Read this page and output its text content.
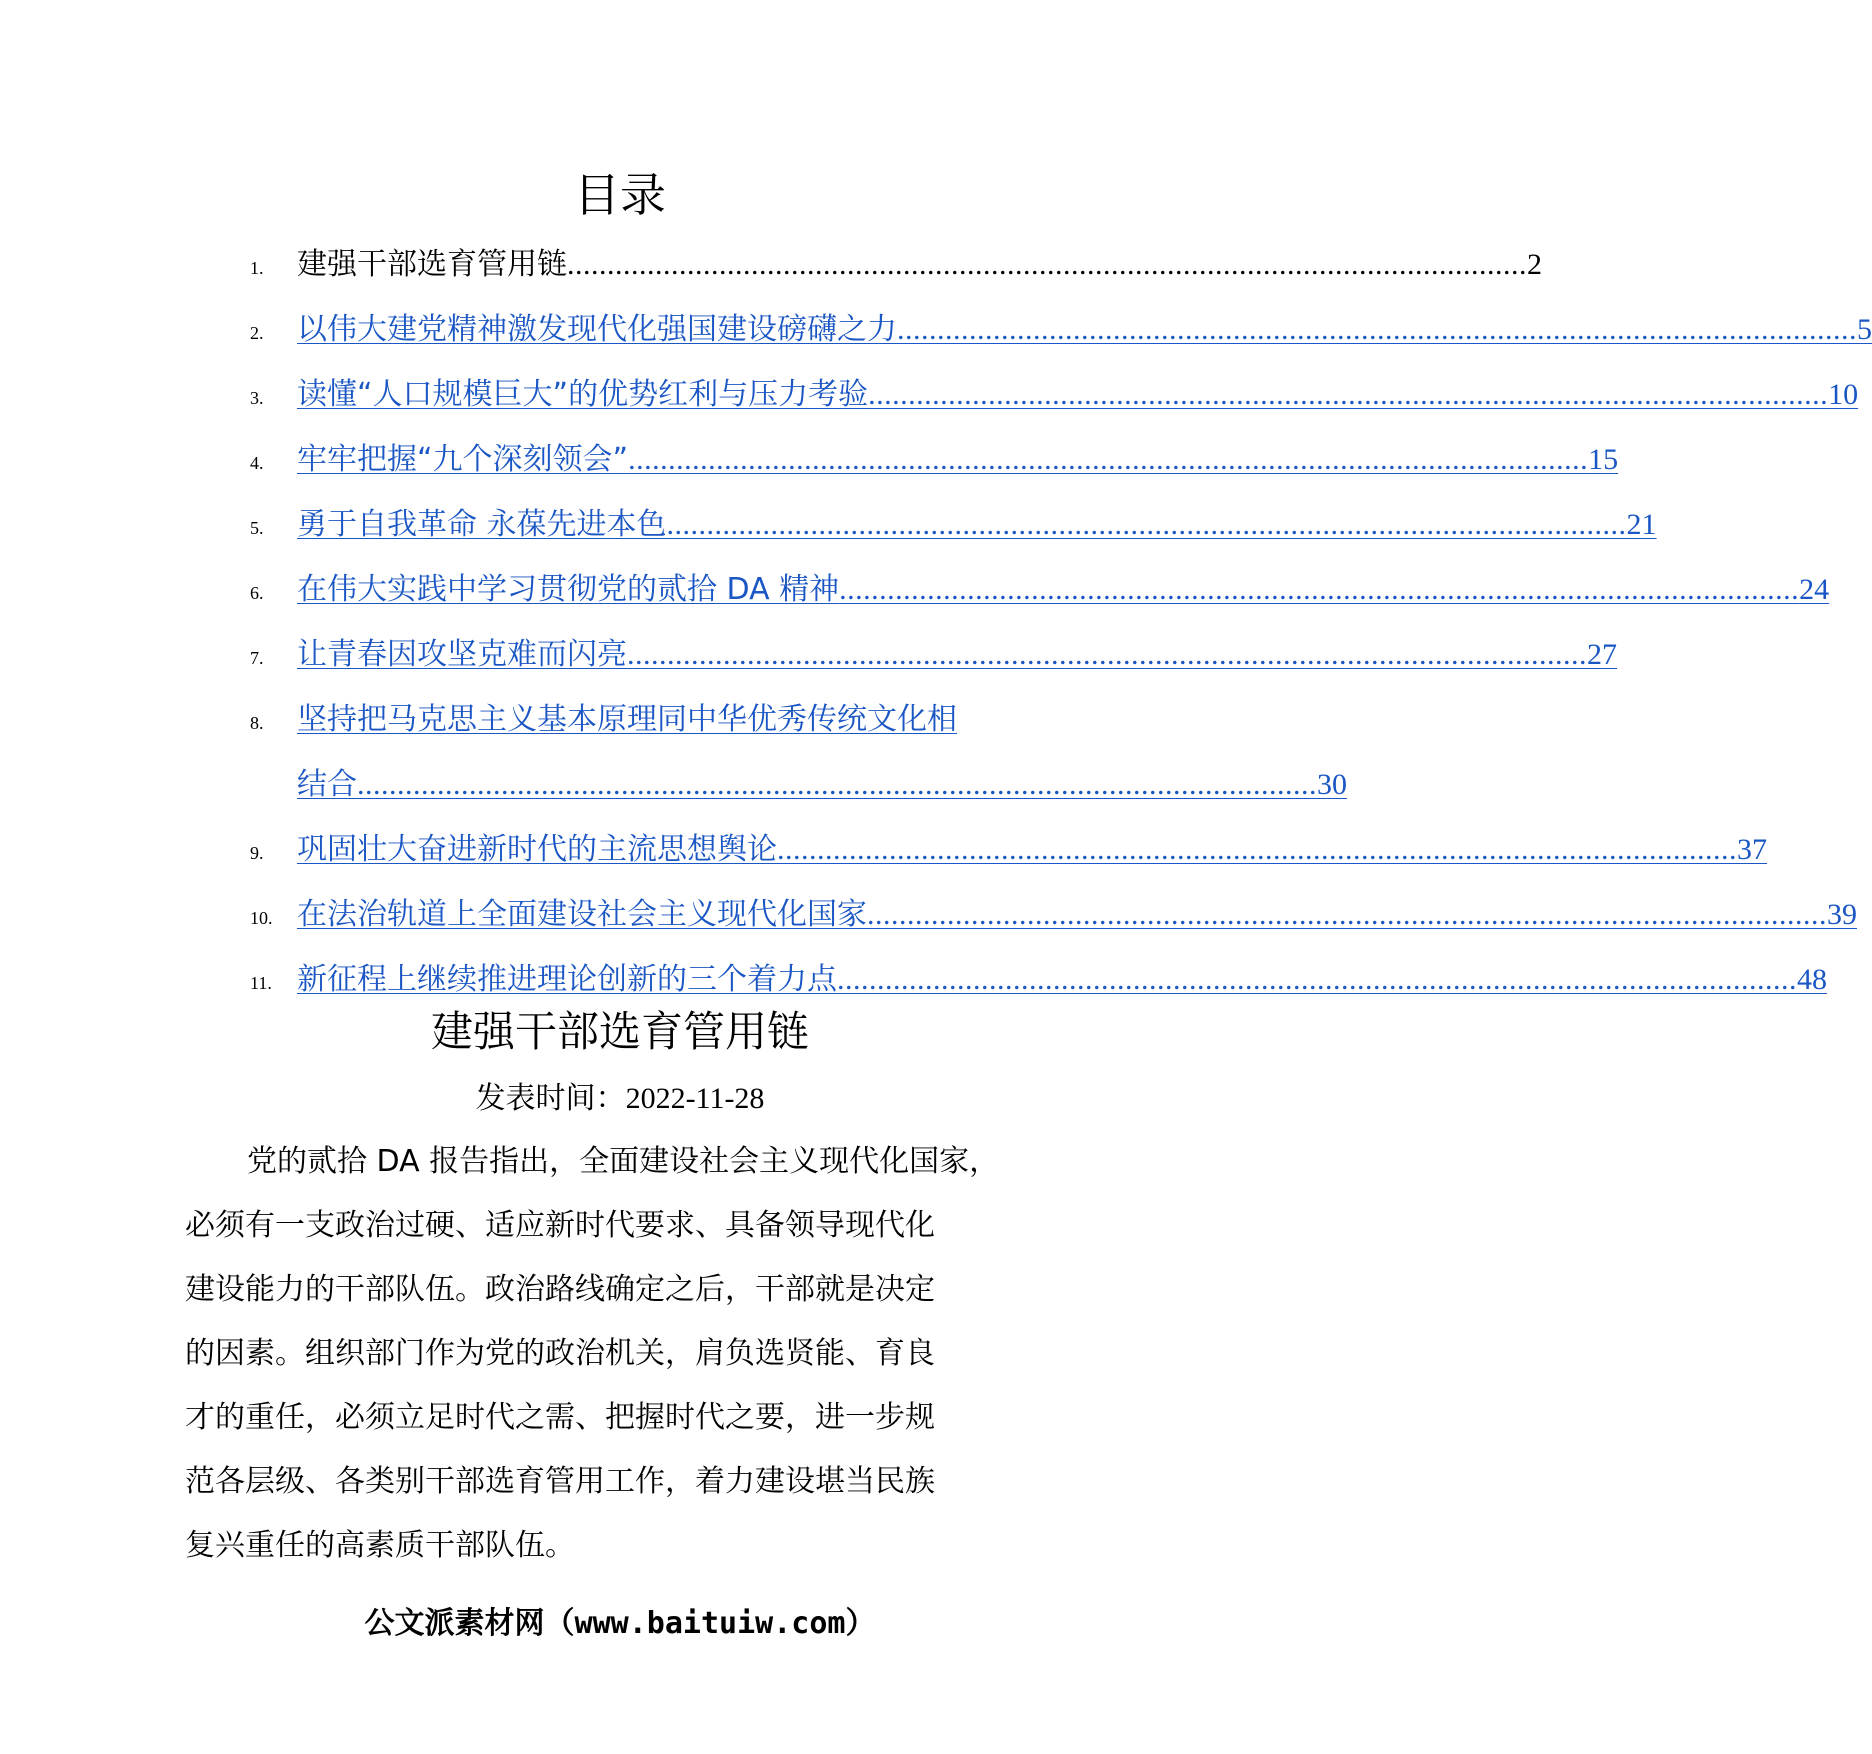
目录
1.	建强干部选育管用链 ........................................................................................................................ 2
2.	以伟大建党精神激发现代化强国建设磅礴之力 ........................................................................................................................ 5
3.	读懂“人口规模巨大”的优势红利与压力考验 ........................................................................................................................ 10
4.	牢牢把握“九个深刻领会” ........................................................................................................................ 15
5.	勇于自我革命 永葆先进本色 ........................................................................................................................ 21
6.	在伟大实践中学习贯彻党的贰拾 DA 精神 ........................................................................................................................ 24
7.	让青春因攻坚克难而闪亮 ........................................................................................................................ 27
8.	坚持把马克思主义基本原理同中华优秀传统文化相
结合 ........................................................................................................................ 30
9.	巩固壮大奋进新时代的主流思想舆论 ........................................................................................................................ 37
10. 在法治轨道上全面建设社会主义现代化国家 ........................................................................................................................ 39
11. 新征程上继续推进理论创新的三个着力点 ........................................................................................................................ 48
建强干部选育管用链
发表时间：2022-11-28
党的贰拾 DA 报告指出，全面建设社会主义现代化国家，
必须有一支政治过硬、适应新时代要求、具备领导现代化
建设能力的干部队伍。政治路线确定之后，干部就是决定
的因素。组织部门作为党的政治机关，肩负选贤能、育良
才的重任，必须立足时代之需、把握时代之要，进一步规
范各层级、各类别干部选育管用工作，着力建设堪当民族
复兴重任的高素质干部队伍。
公文派素材网（www.baituiw.com）
